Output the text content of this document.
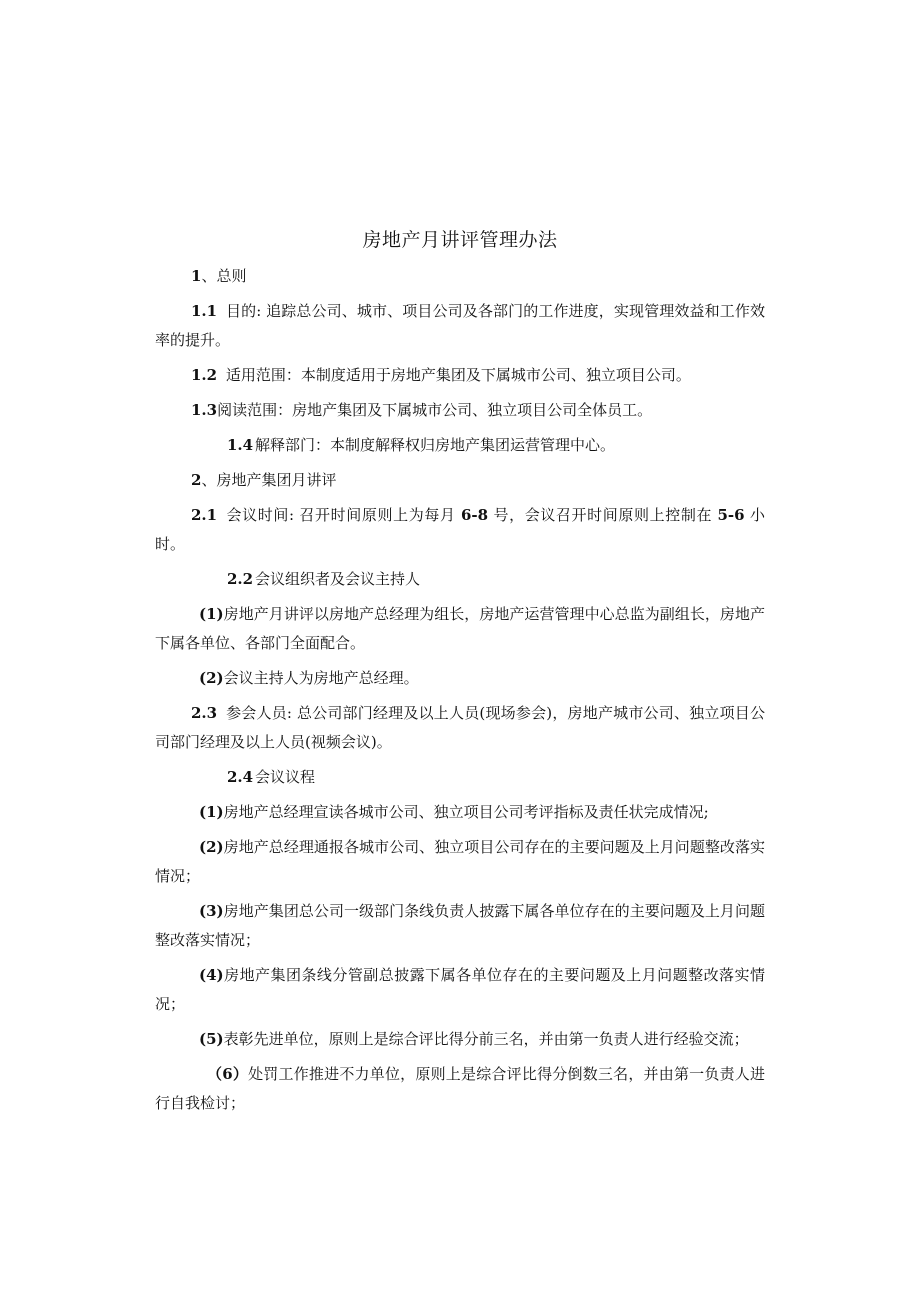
房地产月讲评管理办法
1、总则
1.1 目的: 追踪总公司、城市、项目公司及各部门的工作进度，实现管理效益和工作效率的提升。
1.2 适用范围：本制度适用于房地产集团及下属城市公司、独立项目公司。
1.3阅读范围：房地产集团及下属城市公司、独立项目公司全体员工。
1.4 解释部门：本制度解释权归房地产集团运营管理中心。
2、房地产集团月讲评
2.1 会议时间: 召开时间原则上为每月 6-8 号，会议召开时间原则上控制在 5-6 小时。
2.2 会议组织者及会议主持人
(1)房地产月讲评以房地产总经理为组长，房地产运营管理中心总监为副组长，房地产下属各单位、各部门全面配合。
(2)会议主持人为房地产总经理。
2.3 参会人员: 总公司部门经理及以上人员(现场参会)，房地产城市公司、独立项目公司部门经理及以上人员(视频会议)。
2.4 会议议程
(1)房地产总经理宣读各城市公司、独立项目公司考评指标及责任状完成情况;
(2)房地产总经理通报各城市公司、独立项目公司存在的主要问题及上月问题整改落实情况；
(3)房地产集团总公司一级部门条线负责人披露下属各单位存在的主要问题及上月问题整改落实情况；
(4)房地产集团条线分管副总披露下属各单位存在的主要问题及上月问题整改落实情况；
(5)表彰先进单位，原则上是综合评比得分前三名，并由第一负责人进行经验交流；
（6）处罚工作推进不力单位，原则上是综合评比得分倒数三名，并由第一负责人进行自我检讨；
